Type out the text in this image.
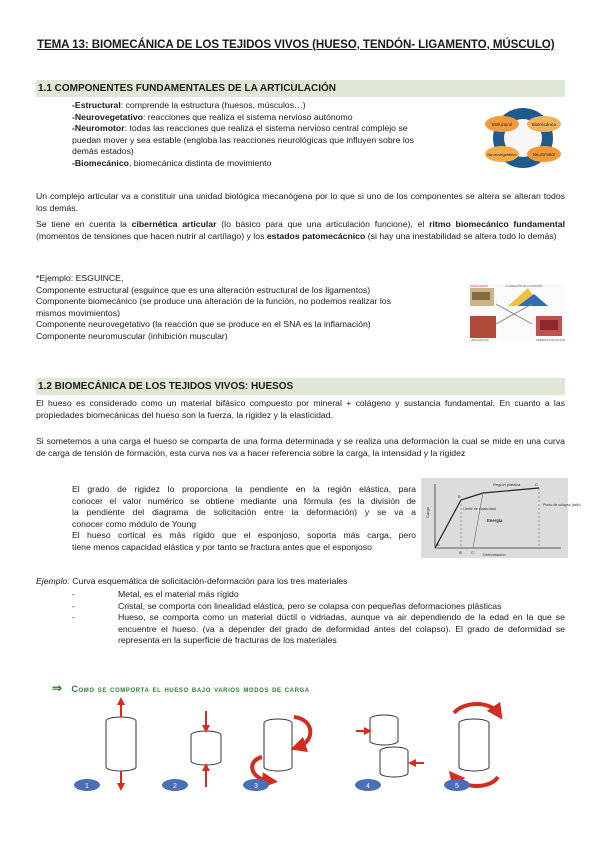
TEMA 13: BIOMECÁNICA DE LOS TEJIDOS VIVOS (HUESO, TENDÓN- LIGAMENTO, MÚSCULO)
1.1 COMPONENTES FUNDAMENTALES DE LA ARTICULACIÓN
-Estructural: comprende la estructura (huesos, músculos…)
-Neurovegetativo: reacciones que realiza el sistema nervioso autónomo
-Neuromotor: todas las reacciones que realiza el sistema nervioso central complejo se
puedan mover y sea estable (engloba las reacciones neurológicas que influyen sobre los
demás estados)
-Biomecánico, biomecánica distinta de movimiento
Estructural	Biomecánico
Neurovegetativo	Neuromotor
Un complejo articular va a constituir una unidad biológica mecanógena por lo que si uno de los componentes se altera se alteran todos los demás.
Se tiene en cuenta la cibernética articular (lo básico para que una articulación funcione), el ritmo biomecánico fundamental (momentos de tensiones que hacen nutrir al cartílago) y los estados patomecácnico (si hay una inestabilidad se altera todo lo demás)
*Ejemplo: ESGUINCE,
Componente estructural (esguince que es una alteración estructural de los ligamentos)
Componente biomecánico (se produce una alteración de la función, no podemos realizar los
mismos movimientos)
Componente neurovegetativo (la reacción que se produce en el SNA es la inflamación)
Componente neuromuscular (inhibición muscular)
ALTERACIÓN DE LA FUNCIÓN
DAÑO/LESIÓN
INFLAMACIÓN	INHIBICIÓN MUSCULAR
1.2 BIOMECÁNICA DE LOS TEJIDOS VIVOS: HUESOS
El hueso es considerado como un material bifásico compuesto por mineral + colágeno y sustancia fundamental. En cuanto a las propiedades biomecánicas del hueso son la fuerza, la rigidez y la elasticidad.
Si sometemos a una carga el hueso se comparta de una forma determinada y se realiza una deformación la cual se mide en una curva de carga de tensión de formación, esta curva nos va a hacer referencia sobre la carga, la intensidad y la rigidez
El grado de rigidez lo proporciona la pendiente en la región elástica, para
conocer el valor numérico se obtiene mediante una fórmula (es la división de
la pendiente del diagrama de solicitación entre la deformación) y se va a
conocer como módulo de Young
El hueso cortical es más rígido que el esponjoso, soporta más carga, pero
tiene menos capacidad elástica y por tanto se fractura antes que el esponjoso
Carga
Deformación
Región plástica
Límite de elasticidad
Energía
Punto de colapso (fallo)
A
B
C
B' C'
Ejemplo: Curva esquemática de solicitación-deformación para los tres materiales
-	Metal, es el material más rígido
-	Cristal, se comporta con linealidad elástica, pero se colapsa con pequeñas deformaciones plásticas
-	Hueso, se comporta como un material dúctil o vidriadas, aunque va air dependiendo de la edad en la que se encuentre el hueso. (va a depender del grado de deformidad antes del colapso). El grado de deformidad se representa en la superficie de fracturas de los materiales
⇒ Como se comporta el hueso bajo varios modos de carga
1	2	3	4	5
